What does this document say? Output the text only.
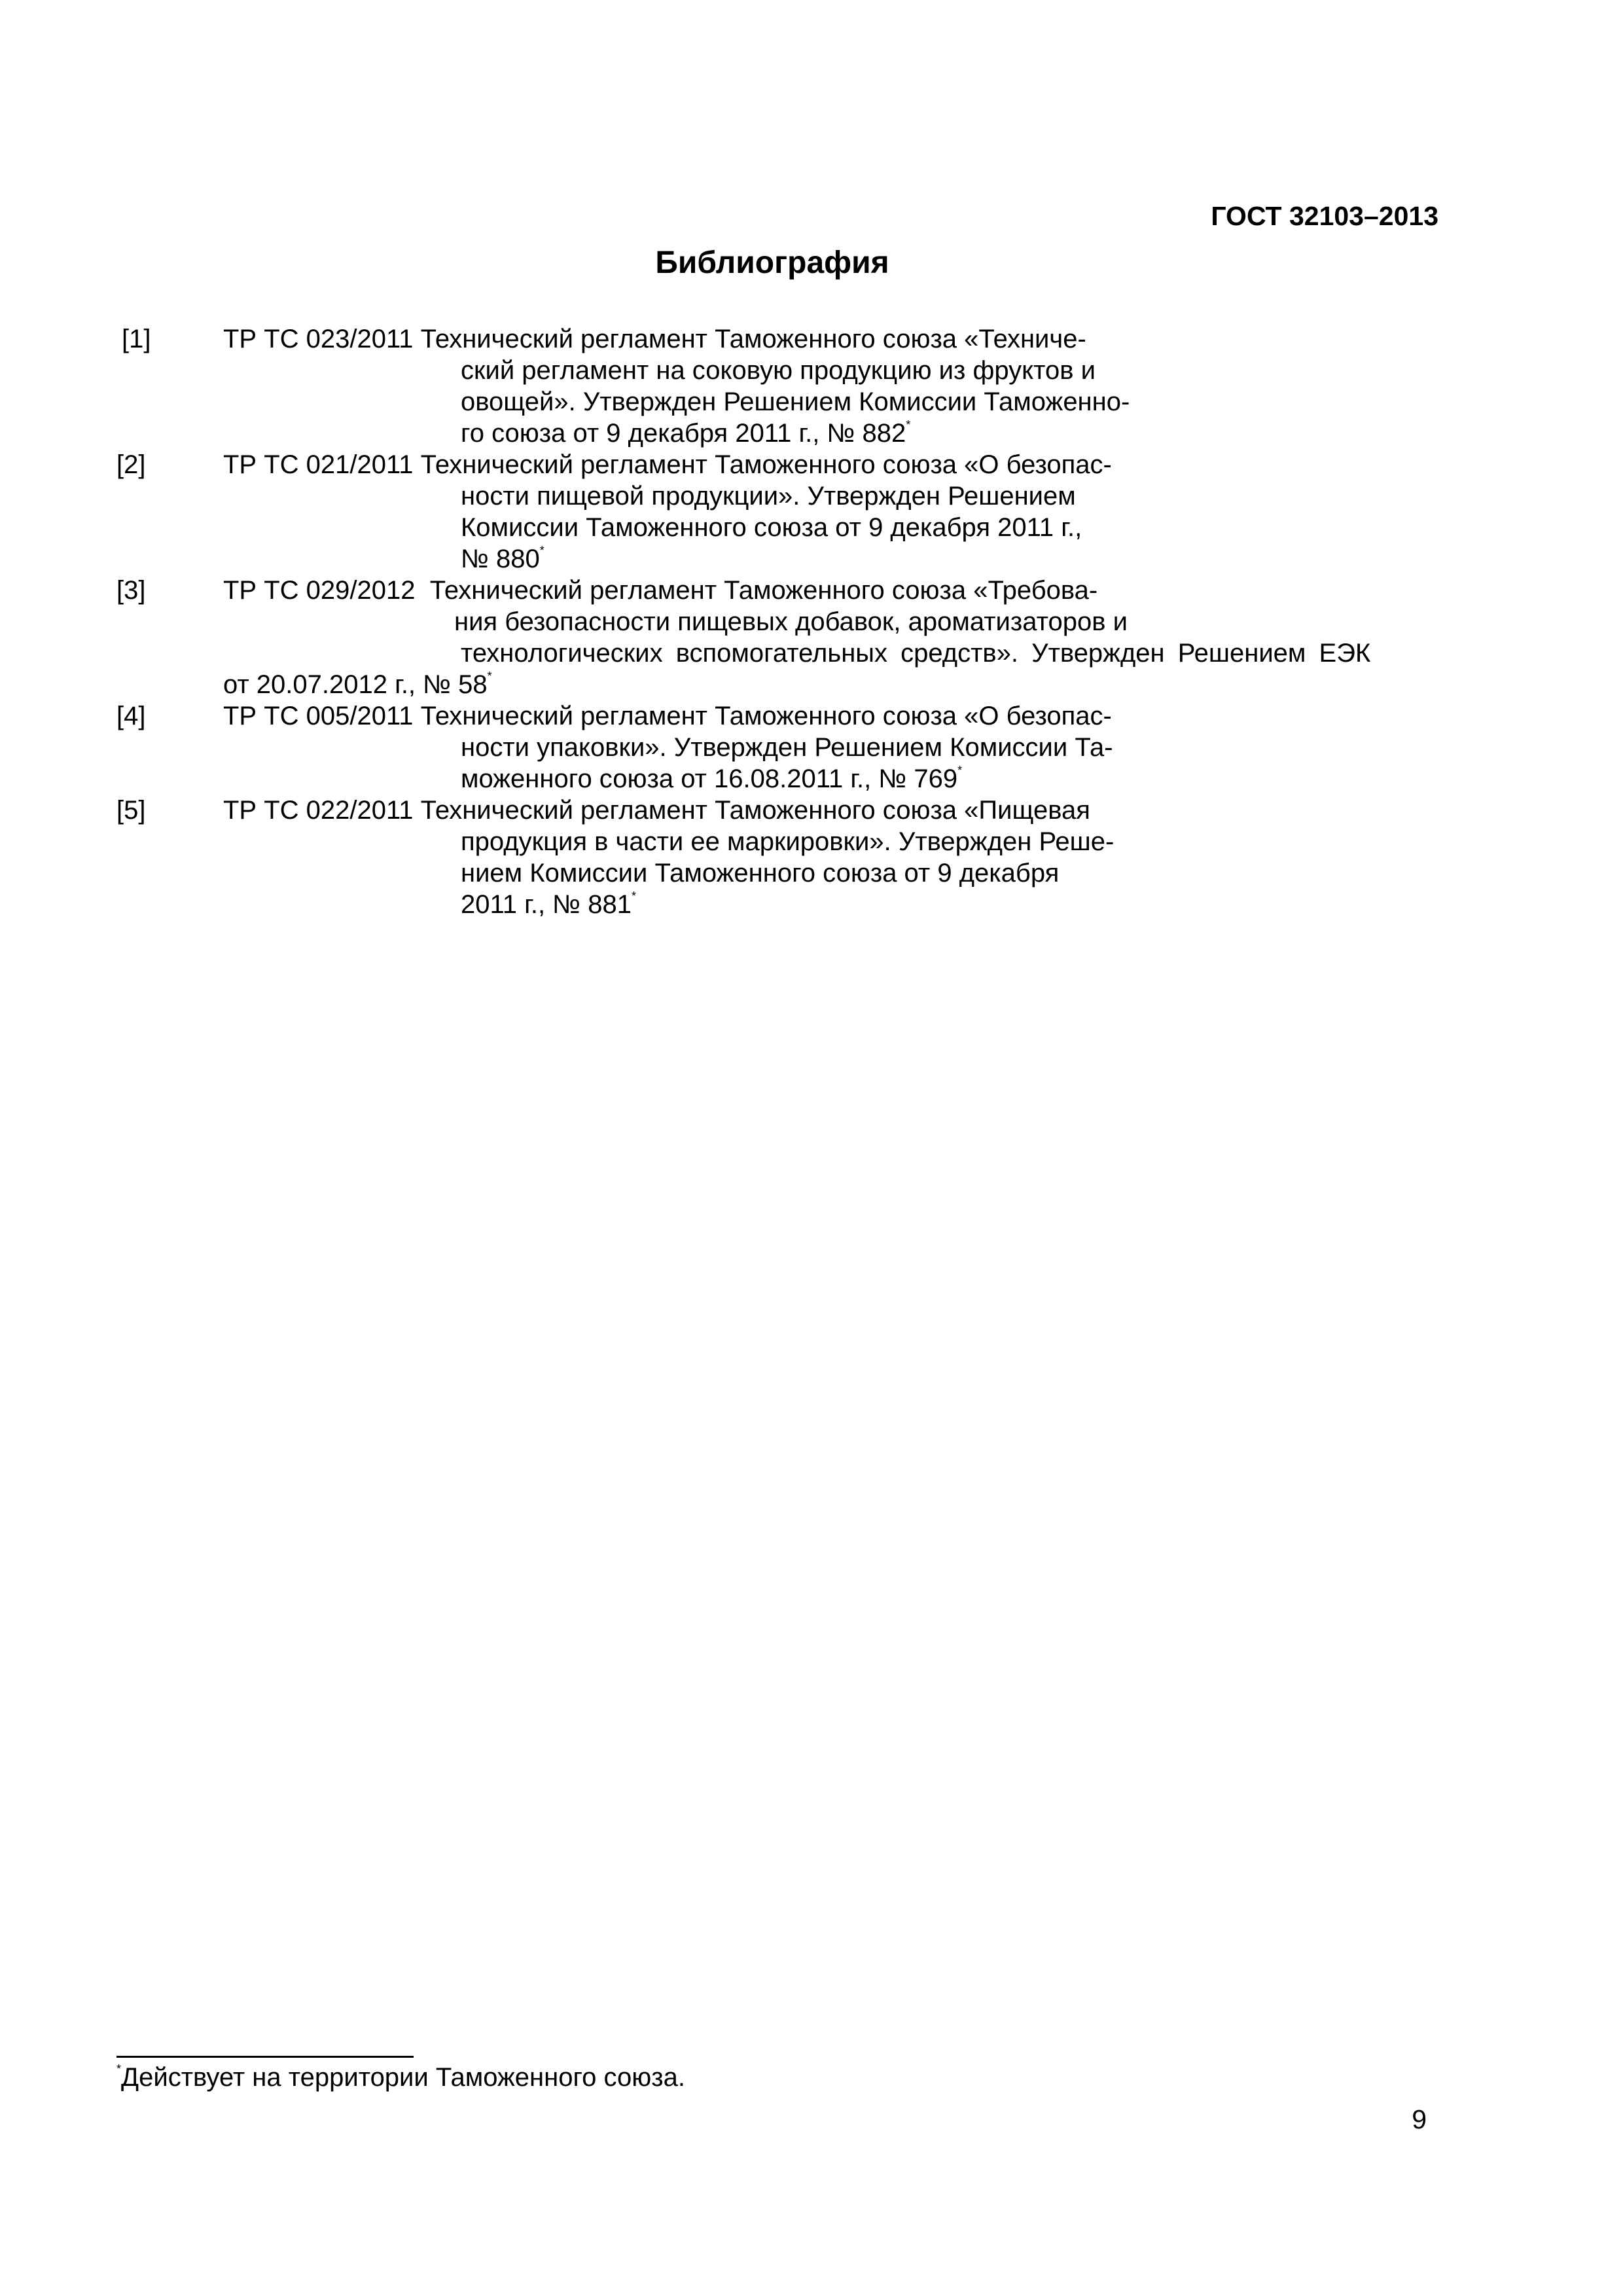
ГОСТ 32103–2013
Библиография
[1]	ТР ТС 023/2011 Технический регламент Таможенного союза «Техниче-
ский регламент на соковую продукцию из фруктов и
овощей». Утвержден Решением Комиссии Таможенно-
го союза от 9 декабря 2011 г., № 882*
[2]	ТР ТС 021/2011 Технический регламент Таможенного союза «О безопас-
ности пищевой продукции». Утвержден Решением
Комиссии Таможенного союза от 9 декабря 2011 г.,
№ 880*
[3]	ТР ТС 029/2012 Технический регламент Таможенного союза «Требова-
ния безопасности пищевых добавок, ароматизаторов и
технологических вспомогательных средств». Утвержден Решением ЕЭК
от 20.07.2012 г., № 58*
[4]	ТР ТС 005/2011 Технический регламент Таможенного союза «О безопас-
ности упаковки». Утвержден Решением Комиссии Та-
моженного союза от 16.08.2011 г., № 769*
[5]	ТР ТС 022/2011 Технический регламент Таможенного союза «Пищевая
продукция в части ее маркировки». Утвержден Реше-
нием Комиссии Таможенного союза от 9 декабря
2011 г., № 881*
*Действует на территории Таможенного союза.
9
